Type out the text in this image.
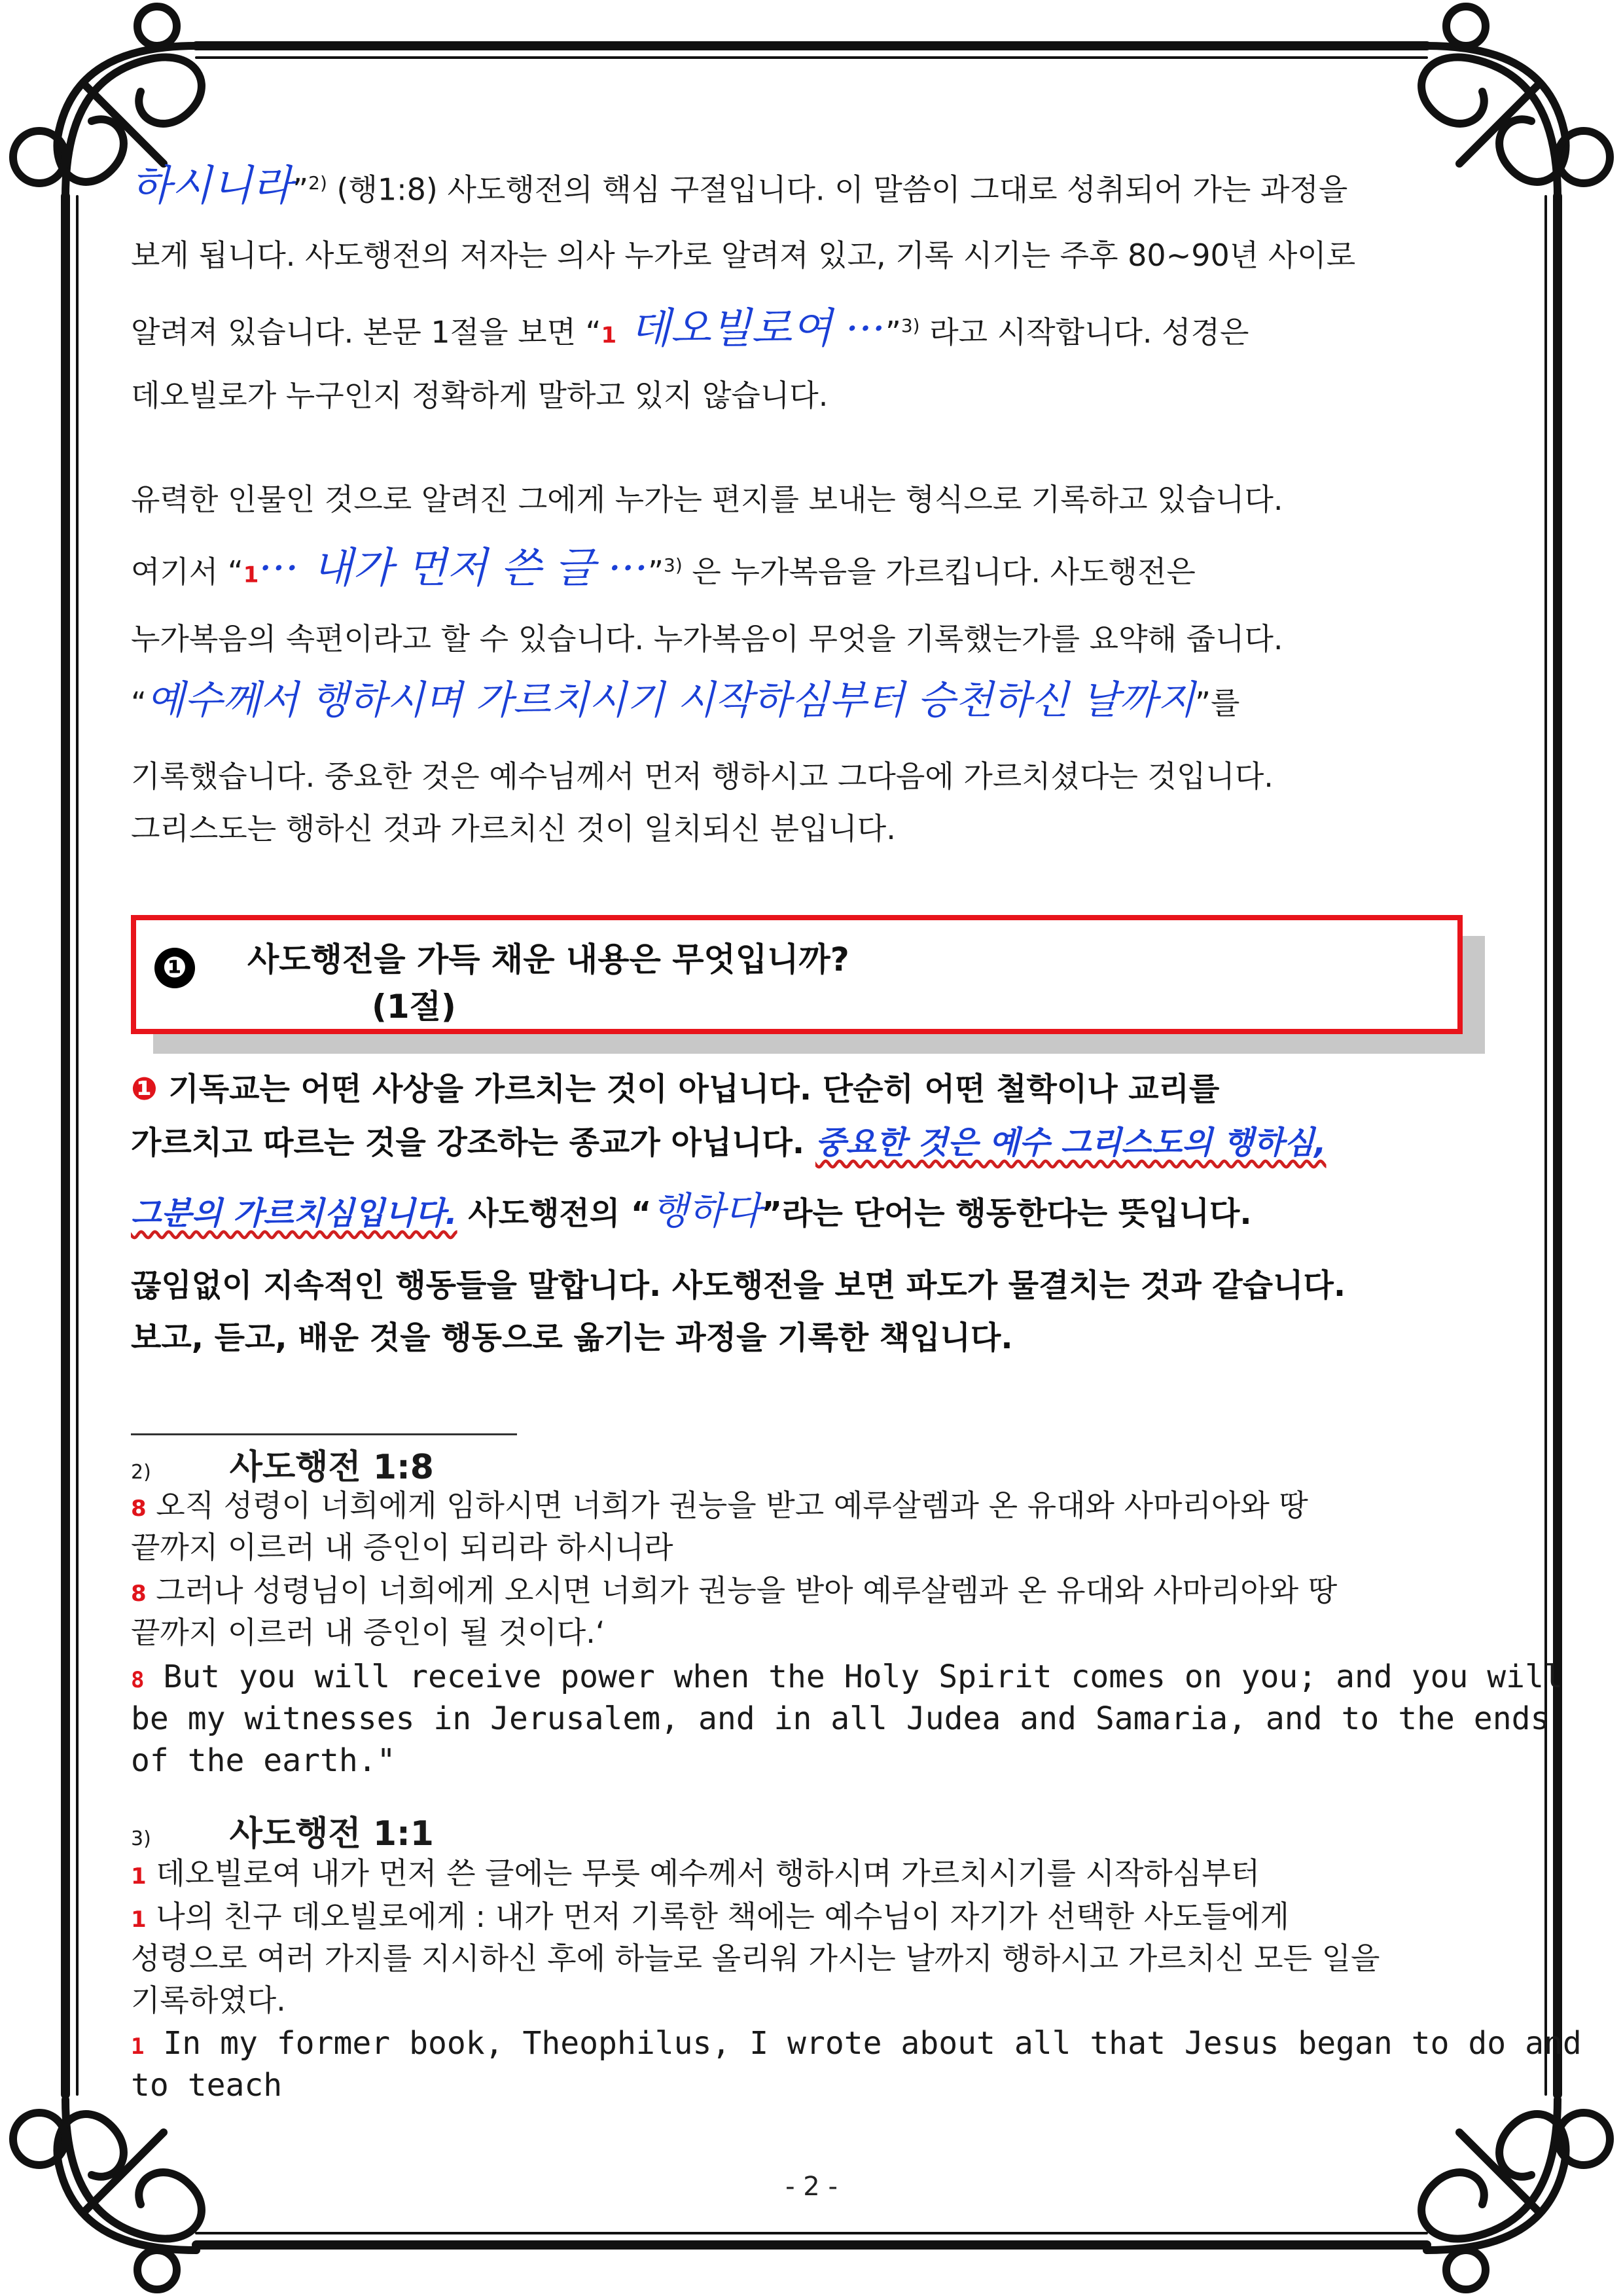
하시니라”$^{2)}$ (행1:8) 사도행전의 핵심 구절입니다. 이 말씀이 그대로 성취되어 가는 과정을
보게 됩니다. 사도행전의 저자는 의사 누가로 알려져 있고, 기록 시기는 주후 80~90년 사이로
알려져 있습니다. 본문 1절을 보면 “1 데오빌로여 ···”$^{3)}$ 라고 시작합니다. 성경은
데오빌로가 누구인지 정확하게 말하고 있지 않습니다.
유력한 인물인 것으로 알려진 그에게 누가는 편지를 보내는 형식으로 기록하고 있습니다.
여기서 “1··· 내가 먼저 쓴 글 ···”$^{3)}$ 은 누가복음을 가르킵니다. 사도행전은
누가복음의 속편이라고 할 수 있습니다. 누가복음이 무엇을 기록했는가를 요약해 줍니다.
“예수께서 행하시며 가르치시기 시작하심부터 승천하신 날까지”를
기록했습니다. 중요한 것은 예수님께서 먼저 행하시고 그다음에 가르치셨다는 것입니다.
그리스도는 행하신 것과 가르치신 것이 일치되신 분입니다.
❶ 사도행전을 가득 채운 내용은 무엇입니까?
(1절)
❶ 기독교는 어떤 사상을 가르치는 것이 아닙니다. 단순히 어떤 철학이나 교리를
가르치고 따르는 것을 강조하는 종교가 아닙니다. 중요한 것은 예수 그리스도의 행하심,
그분의 가르치심입니다. 사도행전의 “행하다”라는 단어는 행동한다는 뜻입니다.
끊임없이 지속적인 행동들을 말합니다. 사도행전을 보면 파도가 물결치는 것과 같습니다.
보고, 듣고, 배운 것을 행동으로 옮기는 과정을 기록한 책입니다.
2) 사도행전 1:8
8 오직 성령이 너희에게 임하시면 너희가 권능을 받고 예루살렘과 온 유대와 사마리아와 땅
끝까지 이르러 내 증인이 되리라 하시니라
8 그러나 성령님이 너희에게 오시면 너희가 권능을 받아 예루살렘과 온 유대와 사마리아와 땅
끝까지 이르러 내 증인이 될 것이다.‘
8 But you will receive power when the Holy Spirit comes on you; and you will
be my witnesses in Jerusalem, and in all Judea and Samaria, and to the ends
of the earth."
3) 사도행전 1:1
1 데오빌로여 내가 먼저 쓴 글에는 무릇 예수께서 행하시며 가르치시기를 시작하심부터
1 나의 친구 데오빌로에게 : 내가 먼저 기록한 책에는 예수님이 자기가 선택한 사도들에게
성령으로 여러 가지를 지시하신 후에 하늘로 올리워 가시는 날까지 행하시고 가르치신 모든 일을
기록하였다.
1 In my former book, Theophilus, I wrote about all that Jesus began to do and
to teach
- 2 -
